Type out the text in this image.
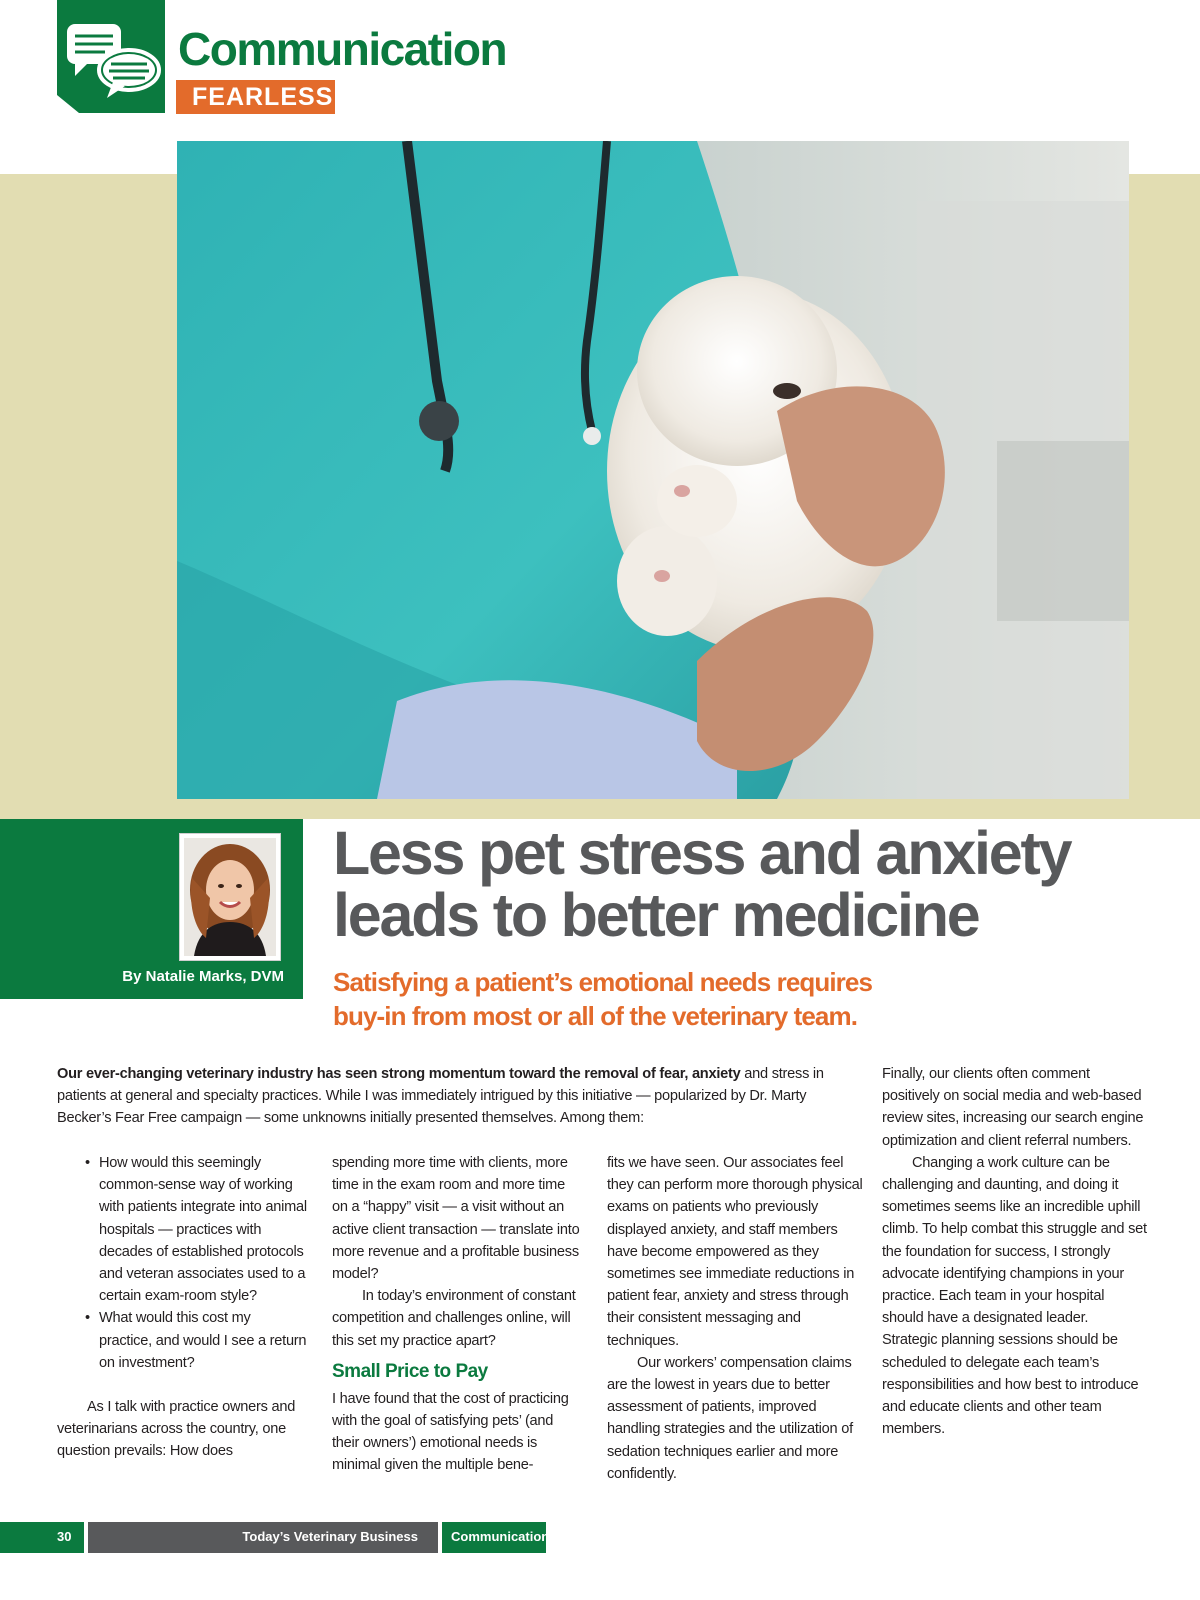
Communication
FEARLESS
By Natalie Marks, DVM
Less pet stress and anxiety
leads to better medicine
Satisfying a patient’s emotional needs requires
buy-in from most or all of the veterinary team.
Our ever-changing veterinary industry has seen strong momentum toward the removal of fear, anxiety and stress in patients at general and specialty practices. While I was immediately intrigued by this initiative — popularized by Dr. Marty Becker’s Fear Free campaign — some unknowns initially presented themselves. Among them:
• How would this seemingly common-sense way of working with patients integrate into animal hospitals — practices with decades of established protocols and veteran associates used to a certain exam-room style?
• What would this cost my practice, and would I see a return on investment?

As I talk with practice owners and veterinarians across the country, one question prevails: How does

spending more time with clients, more time in the exam room and more time on a “happy” visit — a visit without an active client transaction — translate into more revenue and a profitable business model?

In today’s environment of constant competition and challenges online, will this set my practice apart?

Small Price to Pay

I have found that the cost of practicing with the goal of satisfying pets’ (and their owners’) emotional needs is minimal given the multiple bene-

fits we have seen. Our associates feel they can perform more thorough physical exams on patients who previously displayed anxiety, and staff members have become empowered as they sometimes see immediate reductions in patient fear, anxiety and stress through their consistent messaging and techniques.

Our workers’ compensation claims are the lowest in years due to better assessment of patients, improved handling strategies and the utilization of sedation techniques earlier and more confidently.

Finally, our clients often comment positively on social media and web-based review sites, increasing our search engine optimization and client referral numbers.

Changing a work culture can be challenging and daunting, and doing it sometimes seems like an incredible uphill climb. To help combat this struggle and set the foundation for success, I strongly advocate identifying champions in your practice. Each team in your hospital should have a designated leader. Strategic planning sessions should be scheduled to delegate each team’s responsibilities and how best to introduce and educate clients and other team members.

30	Today’s Veterinary Business	Communication
